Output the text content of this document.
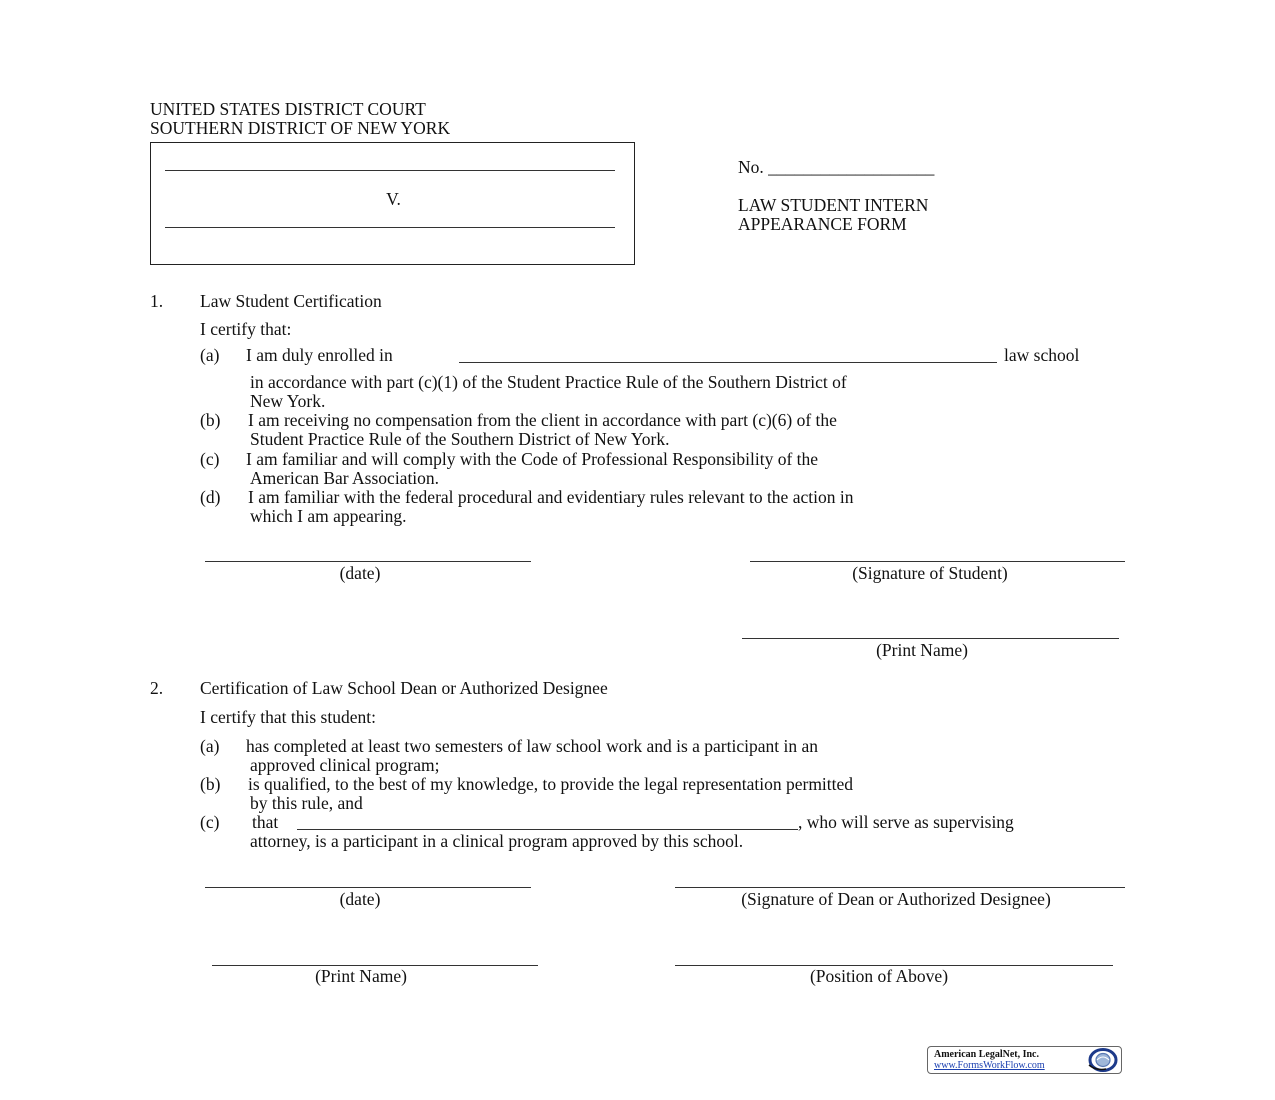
UNITED STATES DISTRICT COURT
SOUTHERN DISTRICT OF NEW YORK
V.
No. ___________________
LAW STUDENT INTERN
APPEARANCE FORM
1. Law Student Certification
I certify that:
(a) I am duly enrolled in	law school
in accordance with part (c)(1) of the Student Practice Rule of the Southern District of
New York.
(b) I am receiving no compensation from the client in accordance with part (c)(6) of the
Student Practice Rule of the Southern District of New York.
(c) I am familiar and will comply with the Code of Professional Responsibility of the
American Bar Association.
(d) I am familiar with the federal procedural and evidentiary rules relevant to the action in
which I am appearing.
(date)	(Signature of Student)
(Print Name)
2. Certification of Law School Dean or Authorized Designee
I certify that this student:
(a) has completed at least two semesters of law school work and is a participant in an
approved clinical program;
(b) is qualified, to the best of my knowledge, to provide the legal representation permitted
by this rule, and
(c) that	, who will serve as supervising
attorney, is a participant in a clinical program approved by this school.
(date)	(Signature of Dean or Authorized Designee)
(Print Name)	(Position of Above)
American LegalNet, Inc.
www.FormsWorkFlow.com
